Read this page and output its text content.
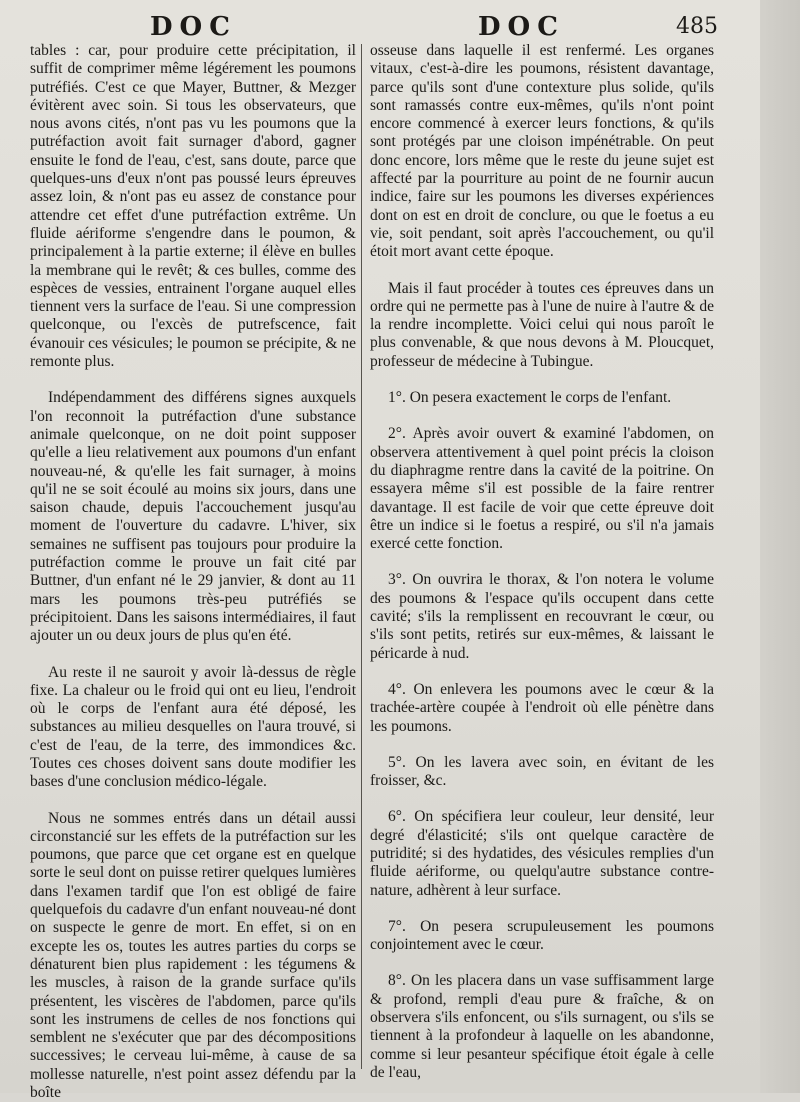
DOC	DOC	485

tables : car, pour produire cette précipitation, il suffit de comprimer même légérement les poumons putréfiés. C'est ce que Mayer, Buttner, & Mezger évitèrent avec soin. Si tous les observateurs, que nous avons cités, n'ont pas vu les poumons que la putréfaction avoit fait surnager d'abord, gagner ensuite le fond de l'eau, c'est, sans doute, parce que quelques-uns d'eux n'ont pas poussé leurs épreuves assez loin, & n'ont pas eu assez de constance pour attendre cet effet d'une putréfaction extrême. Un fluide aériforme s'engendre dans le poumon, & principalement à la partie externe; il élève en bulles la membrane qui le revêt; & ces bulles, comme des espèces de vessies, entrainent l'organe auquel elles tiennent vers la surface de l'eau. Si une compression quelconque, ou l'excès de putrefscence, fait évanouir ces vésicules; le poumon se précipite, & ne remonte plus.

Indépendamment des différens signes auxquels l'on reconnoit la putréfaction d'une substance animale quelconque, on ne doit point supposer qu'elle a lieu relativement aux poumons d'un enfant nouveau-né, & qu'elle les fait surnager, à moins qu'il ne se soit écoulé au moins six jours, dans une saison chaude, depuis l'accouchement jusqu'au moment de l'ouverture du cadavre. L'hiver, six semaines ne suffisent pas toujours pour produire la putréfaction comme le prouve un fait cité par Buttner, d'un enfant né le 29 janvier, & dont au 11 mars les poumons très-peu putréfiés se précipitoient. Dans les saisons intermédiaires, il faut ajouter un ou deux jours de plus qu'en été.

Au reste il ne sauroit y avoir là-dessus de règle fixe. La chaleur ou le froid qui ont eu lieu, l'endroit où le corps de l'enfant aura été déposé, les substances au milieu desquelles on l'aura trouvé, si c'est de l'eau, de la terre, des immondices &c. Toutes ces choses doivent sans doute modifier les bases d'une conclusion médico-légale.

Nous ne sommes entrés dans un détail aussi circonstancié sur les effets de la putréfaction sur les poumons, que parce que cet organe est en quelque sorte le seul dont on puisse retirer quelques lumières dans l'examen tardif que l'on est obligé de faire quelquefois du cadavre d'un enfant nouveau-né dont on suspecte le genre de mort. En effet, si on en excepte les os, toutes les autres parties du corps se dénaturent bien plus rapidement : les tégumens & les muscles, à raison de la grande surface qu'ils présentent, les viscères de l'abdomen, parce qu'ils sont les instrumens de celles de nos fonctions qui semblent ne s'exécuter que par des décompositions successives; le cerveau lui-même, à cause de sa mollesse naturelle, n'est point assez défendu par la boîte

osseuse dans laquelle il est renfermé. Les organes vitaux, c'est-à-dire les poumons, résistent davantage, parce qu'ils sont d'une contexture plus solide, qu'ils sont ramassés contre eux-mêmes, qu'ils n'ont point encore commencé à exercer leurs fonctions, & qu'ils sont protégés par une cloison impénétrable. On peut donc encore, lors même que le reste du jeune sujet est affecté par la pourriture au point de ne fournir aucun indice, faire sur les poumons les diverses expériences dont on est en droit de conclure, ou que le foetus a eu vie, soit pendant, soit après l'accouchement, ou qu'il étoit mort avant cette époque.

Mais il faut procéder à toutes ces épreuves dans un ordre qui ne permette pas à l'une de nuire à l'autre & de la rendre incomplette. Voici celui qui nous paroît le plus convenable, & que nous devons à M. Ploucquet, professeur de médecine à Tubingue.

1°. On pesera exactement le corps de l'enfant.

2°. Après avoir ouvert & examiné l'abdomen, on observera attentivement à quel point précis la cloison du diaphragme rentre dans la cavité de la poitrine. On essayera même s'il est possible de la faire rentrer davantage. Il est facile de voir que cette épreuve doit être un indice si le foetus a respiré, ou s'il n'a jamais exercé cette fonction.

3°. On ouvrira le thorax, & l'on notera le volume des poumons & l'espace qu'ils occupent dans cette cavité; s'ils la remplissent en recouvrant le cœur, ou s'ils sont petits, retirés sur eux-mêmes, & laissant le péricarde à nud.

4°. On enlevera les poumons avec le cœur & la trachée-artère coupée à l'endroit où elle pénètre dans les poumons.

5°. On les lavera avec soin, en évitant de les froisser, &c.

6°. On spécifiera leur couleur, leur densité, leur degré d'élasticité; s'ils ont quelque caractère de putridité; si des hydatides, des vésicules remplies d'un fluide aériforme, ou quelqu'autre substance contre-nature, adhèrent à leur surface.

7°. On pesera scrupuleusement les poumons conjointement avec le cœur.

8°. On les placera dans un vase suffisamment large & profond, rempli d'eau pure & fraîche, & on observera s'ils enfoncent, ou s'ils surnagent, ou s'ils se tiennent à la profondeur à laquelle on les abandonne, comme si leur pesanteur spécifique étoit égale à celle de l'eau,
